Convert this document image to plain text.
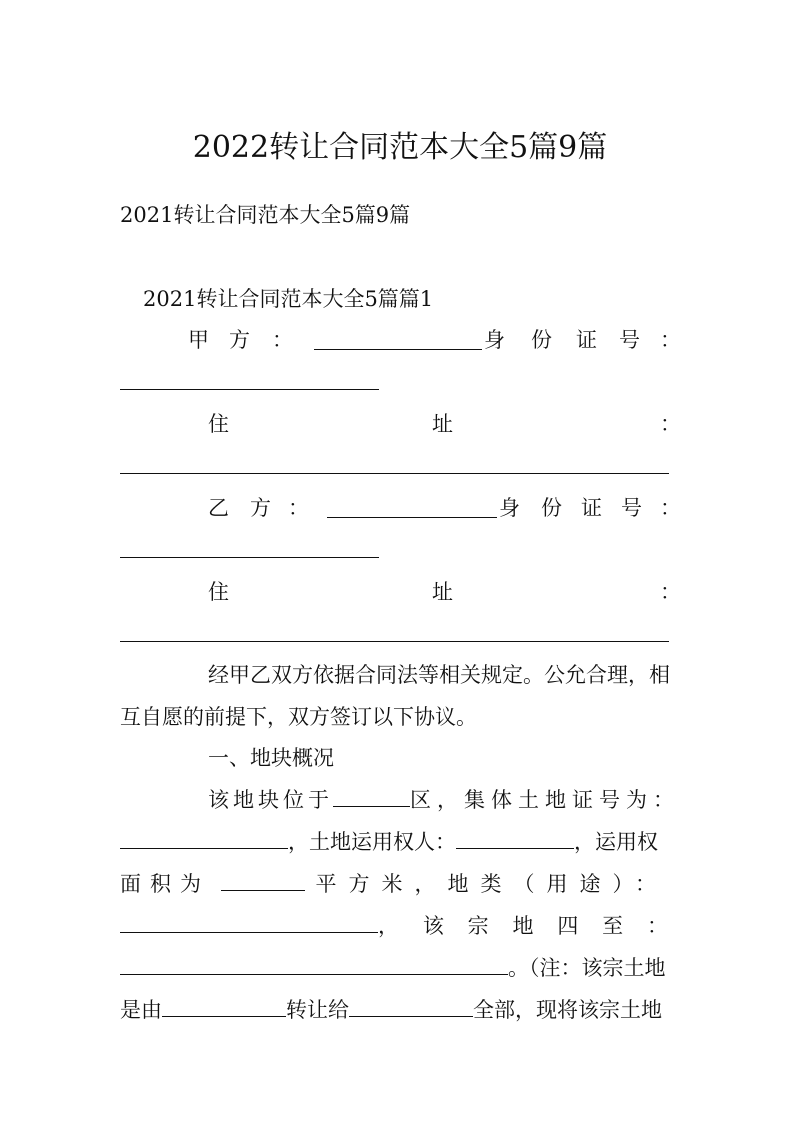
2022转让合同范本大全5篇9篇
2021转让合同范本大全5篇9篇
2021转让合同范本大全5篇篇1
甲 方 ：	身 份 证 号 ：
住	址	：
乙 方 ：	身 份 证 号 ：
住	址	：
经甲乙双方依据合同法等相关规定。公允合理，相
互自愿的前提下，双方签订以下协议。
一、地块概况
该地块位于	区，集体土地证号为：
，土地运用权人：	，运用权
面积为	平方米，地类（用途）：
， 该 宗 地 四 至 ：
。（注：该宗土地
是由	转让给	全部，现将该宗土地
